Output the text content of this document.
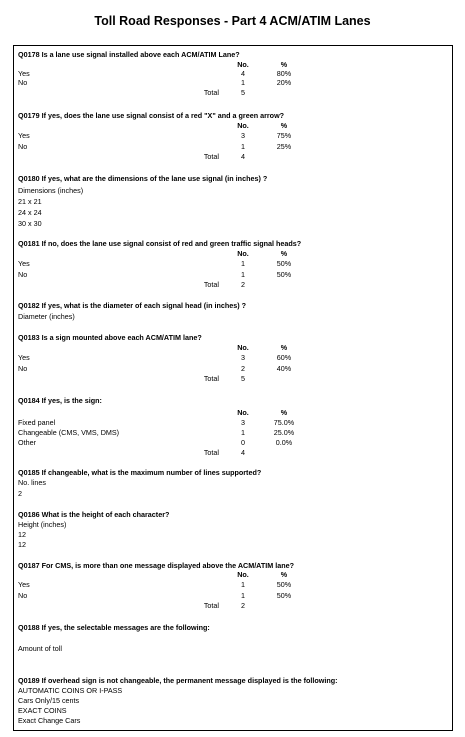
Toll Road Responses - Part 4 ACM/ATIM Lanes
Q0178 Is a lane use signal installed above each ACM/ATIM Lane?
No.	%
Yes	4	80%
No	1	20%
Total	5
Q0179 If yes, does the lane use signal consist of a red "X" and a green arrow?
No.	%
Yes	3	75%
No	1	25%
Total	4
Q0180 If yes, what are the dimensions of the lane use signal (in inches) ?
Dimensions (inches)
21 x 21
24 x 24
30 x 30
Q0181 If no, does the lane use signal consist of red and green traffic signal heads?
No.	%
Yes	1	50%
No	1	50%
Total	2
Q0182 If yes, what is the diameter of each signal head (in inches) ?
Diameter (inches)
Q0183 Is a sign mounted above each ACM/ATIM lane?
No.	%
Yes	3	60%
No	2	40%
Total	5
Q0184 If yes, is the sign:
No.	%
Fixed panel	3	75.0%
Changeable (CMS, VMS, DMS)	1	25.0%
Other	0	0.0%
Total	4
Q0185 If changeable, what is the maximum number of lines supported?
No. lines
2
Q0186 What is the height of each character?
Height (inches)
12
12
Q0187 For CMS, is more than one message displayed above the ACM/ATIM lane?
No.	%
Yes	1	50%
No	1	50%
Total	2
Q0188 If yes, the selectable messages are the following:
Amount of toll
Q0189 If overhead sign is not changeable, the permanent message displayed is the following:
AUTOMATIC COINS OR I-PASS
Cars Only/15 cents
EXACT COINS
Exact Change Cars
